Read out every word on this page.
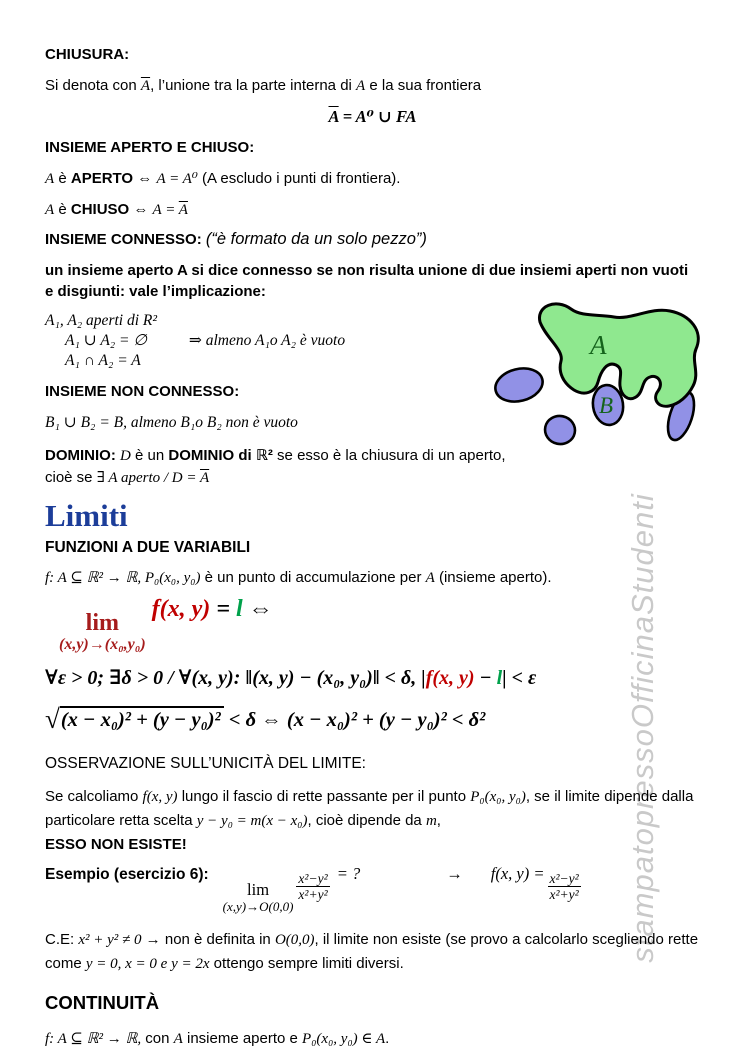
stampatopressoOfficinaStudenti

CHIUSURA:

Si denota con $\overline{A}$, l’unione tra la parte interna di A e la sua frontiera

$\overline{A} = A^0$ ∪ FA

INSIEME APERTO E CHIUSO:

A è APERTO ⇔ A = A⁰ (A escludo i punti di frontiera).

A è CHIUSO ⇔ $A = \overline{A}$

INSIEME CONNESSO: (“è formato da un solo pezzo”)

un insieme aperto A si dice connesso se non risulta unione di due insiemi aperti non vuoti e disgiunti: vale l’implicazione:

A₁, A₂ aperti di R²
A₁ ∪ A₂ = ∅	⇒ almeno A₁o A₂ è vuoto
A₁ ∩ A₂ = A

INSIEME NON CONNESSO:

B₁ ∪ B₂ = B, almeno B₁o B₂ non è vuoto

DOMINIO: D è un DOMINIO di ℝ² se esso è la chiusura di un aperto, cioè se ∃ A aperto / $D = \overline{A}$

Limiti

FUNZIONI A DUE VARIABILI

f: A ⊆ ℝ² → ℝ, P₀(x₀, y₀) è un punto di accumulazione per A (insieme aperto).

lim
(x,y)→(x₀,y₀)
f(x, y) = l ⇔

∀ε > 0; ∃δ > 0 / ∀(x, y): ‖(x, y) − (x₀, y₀)‖ < δ, |f(x, y) − l| < ε

√(x − x₀)² + (y − y₀)² < δ ⇔ (x − x₀)² + (y − y₀)² < δ²

OSSERVAZIONE SULL’UNICITÀ DEL LIMITE:

Se calcoliamo f(x, y) lungo il fascio di rette passante per il punto P₀(x₀, y₀), se il limite dipende dalla particolare retta scelta y − y₀ = m(x − x₀), cioè dipende da m,
ESSO NON ESISTE!

Esempio (esercizio 6):
lim
(x,y)→O(0,0)
$\frac{\text{x²−y²}}{\text{x²+y²}}$ = ?	→ f(x, $y) = \frac{\text{x²−y²}}{\text{x²+y²}}$

C.E: x² + y² ≠ 0 → non è definita in O(0,0), il limite non esiste (se provo a calcolarlo scegliendo rette come y = 0, x = 0 e y = 2x ottengo sempre limiti diversi.

CONTINUITÀ

f: A ⊆ ℝ² → ℝ, con A insieme aperto e P₀(x₀, y₀) ∈ A.

A
B
